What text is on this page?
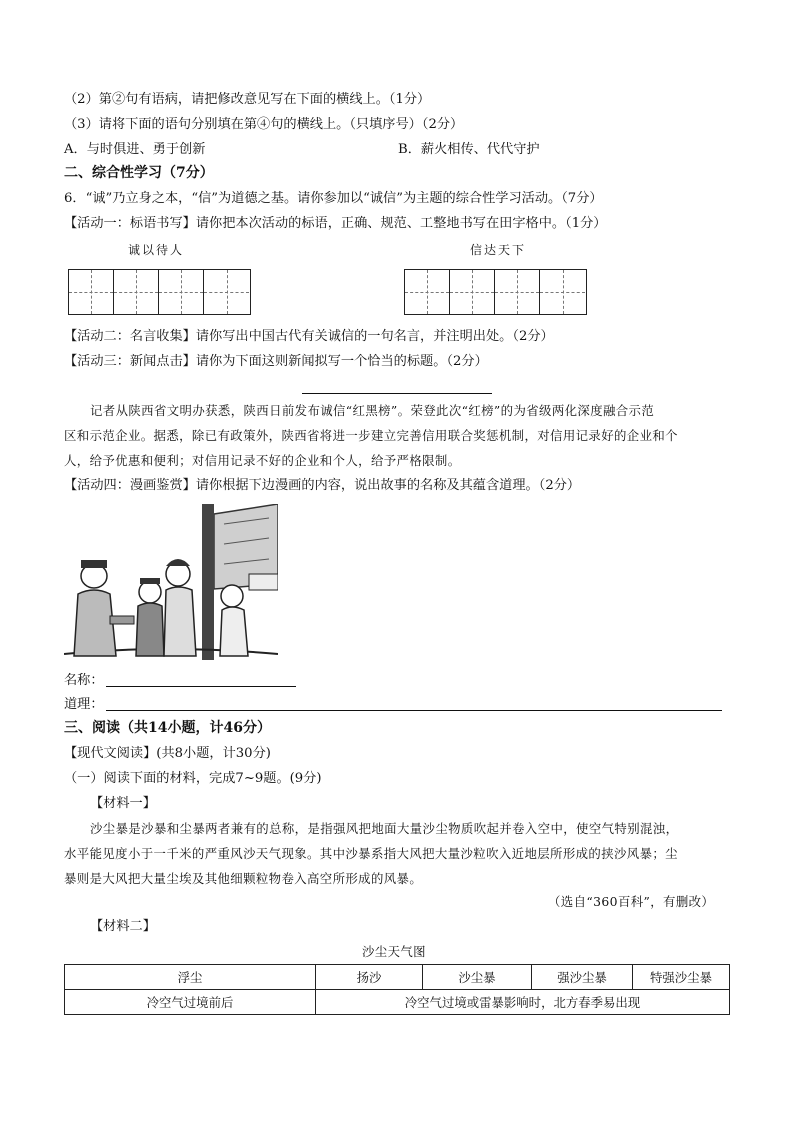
（2）第②句有语病，请把修改意见写在下面的横线上。（1分）
（3）请将下面的语句分别填在第④句的横线上。（只填序号）（2分）
A．与时俱进、勇于创新	B．薪火相传、代代守护
二、综合性学习（7分）
6．“诚”乃立身之本，“信”为道德之基。请你参加以“诚信”为主题的综合性学习活动。（7分）
【活动一：标语书写】请你把本次活动的标语，正确、规范、工整地书写在田字格中。（1分）
诚以待人	信达天下
【活动二：名言收集】请你写出中国古代有关诚信的一句名言，并注明出处。（2分）
【活动三：新闻点击】请你为下面这则新闻拟写一个恰当的标题。（2分）
记者从陕西省文明办获悉，陕西日前发布诚信“红黑榜”。荣登此次“红榜”的为省级两化深度融合示范
区和示范企业。据悉，除已有政策外，陕西省将进一步建立完善信用联合奖惩机制，对信用记录好的企业和个
人，给予优惠和便利；对信用记录不好的企业和个人，给予严格限制。
【活动四：漫画鉴赏】请你根据下边漫画的内容，说出故事的名称及其蕴含道理。（2分）
名称：
道理：
三、阅读（共14小题，计46分）
【现代文阅读】(共8小题，计30分)
（一）阅读下面的材料，完成7~9题。(9分)
【材料一】
沙尘暴是沙暴和尘暴两者兼有的总称，是指强风把地面大量沙尘物质吹起并卷入空中，使空气特别混浊，
水平能见度小于一千米的严重风沙天气现象。其中沙暴系指大风把大量沙粒吹入近地层所形成的挟沙风暴；尘
暴则是大风把大量尘埃及其他细颗粒物卷入高空所形成的风暴。
（选自“360百科”，有删改）
【材料二】
沙尘天气图
浮尘	扬沙	沙尘暴	强沙尘暴	特强沙尘暴
冷空气过境前后	冷空气过境或雷暴影响时，北方春季易出现			
